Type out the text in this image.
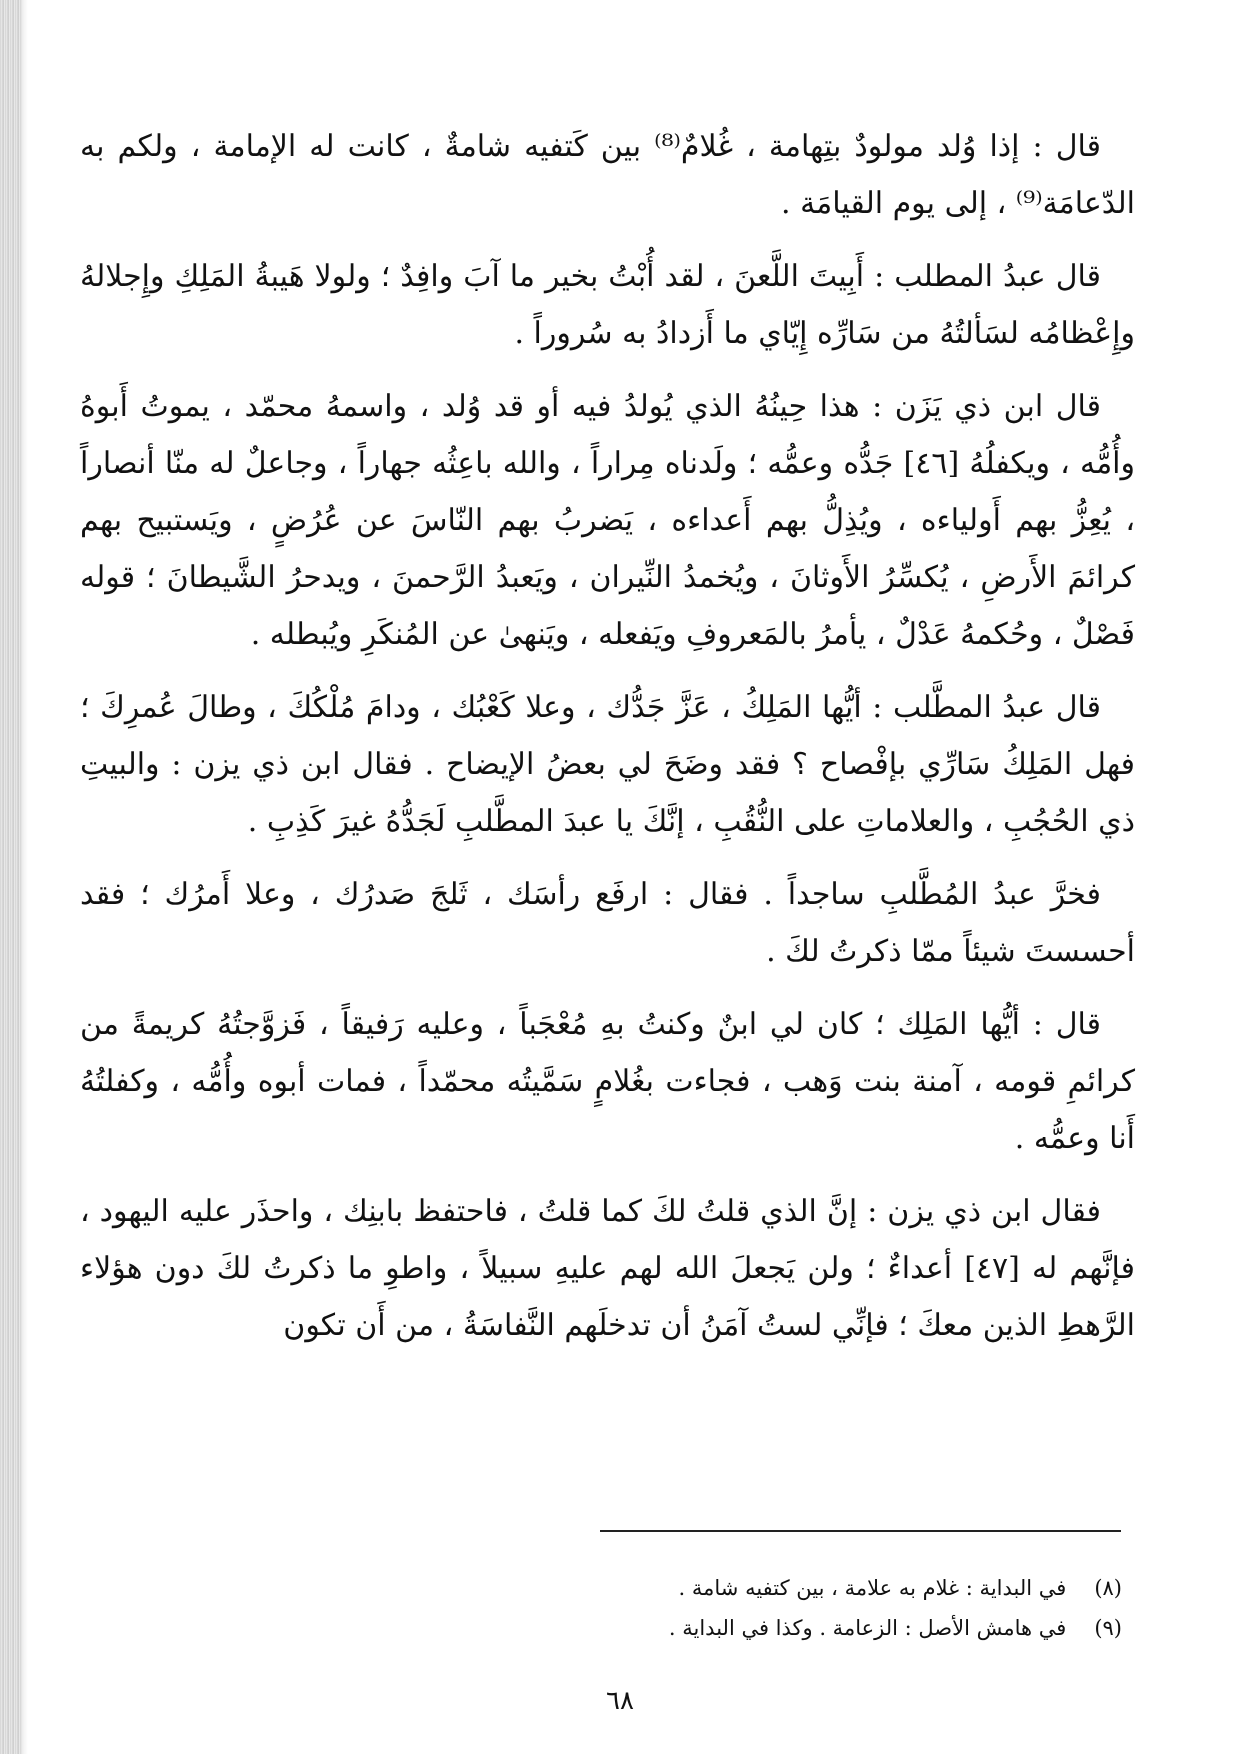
قال : إذا وُلد مولودٌ بتِهامة ، غُلامٌ⁽⁸⁾ بين كَتفيه شامةٌ ، كانت له الإمامة ، ولكم به الدّعامَة⁽⁹⁾ ، إلى يوم القيامَة .

قال عبدُ المطلب : أَبِيتَ اللَّعنَ ، لقد أُبْتُ بخير ما آبَ وافِدٌ ؛ ولولا هَيبةُ المَلِكِ وإِجلالهُ وإِعْظامُه لسَألتُهُ من سَارِّه إِيّاي ما أَزدادُ به سُروراً .

قال ابن ذي يَزَن : هذا حِينُهُ الذي يُولدُ فيه أو قد وُلد ، واسمهُ محمّد ، يموتُ أَبوهُ وأُمُّه ، ويكفلُهُ [٤٦] جَدُّه وعمُّه ؛ ولَدناه مِراراً ، والله باعِثُه جهاراً ، وجاعلٌ له منّا أنصاراً ، يُعِزُّ بهم أَولياءه ، ويُذِلُّ بهم أَعداءه ، يَضربُ بهم النّاسَ عن عُرُضٍ ، ويَستبيح بهم كرائمَ الأَرضِ ، يُكسِّرُ الأَوثانَ ، ويُخمدُ النِّيران ، ويَعبدُ الرَّحمنَ ، ويدحرُ الشَّيطانَ ؛ قوله فَصْلٌ ، وحُكمهُ عَدْلٌ ، يأمرُ بالمَعروفِ ويَفعله ، ويَنهىٰ عن المُنكَرِ ويُبطله .

قال عبدُ المطَّلب : أيُّها المَلِكُ ، عَزَّ جَدُّك ، وعلا كَعْبُك ، ودامَ مُلْكُكَ ، وطالَ عُمرِكَ ؛ فهل المَلِكُ سَارِّي بإفْصاح ؟ فقد وضَحَ لي بعضُ الإيضاح . فقال ابن ذي يزن : والبيتِ ذي الحُجُبِ ، والعلاماتِ على النُّقُبِ ، إنَّكَ يا عبدَ المطَّلبِ لَجَدُّهُ غيرَ كَذِبِ .

فخرَّ عبدُ المُطَّلبِ ساجداً . فقال : ارفَع رأسَك ، ثَلجَ صَدرُك ، وعلا أَمرُك ؛ فقد أحسستَ شيئاً ممّا ذكرتُ لكَ .

قال : أيُّها المَلِك ؛ كان لي ابنٌ وكنتُ بهِ مُعْجَباً ، وعليه رَفيقاً ، فَزوَّجتُهُ كريمةً من كرائمِ قومه ، آمنة بنت وَهب ، فجاءت بغُلامٍ سَمَّيتُه محمّداً ، فمات أبوه وأُمُّه ، وكفلتُهُ أَنا وعمُّه .

فقال ابن ذي يزن : إنَّ الذي قلتُ لكَ كما قلتُ ، فاحتفظ بابنِك ، واحذَر عليه اليهود ، فإنَّهم له [٤٧] أعداءٌ ؛ ولن يَجعلَ الله لهم عليهِ سبيلاً ، واطوِ ما ذكرتُ لكَ دون هؤلاء الرَّهطِ الذين معكَ ؛ فإنِّي لستُ آمَنُ أن تدخلَهم النَّفاسَةُ ، من أَن تكون

(٨)في البداية : غلام به علامة ، بين كتفيه شامة .
(٩)في هامش الأصل : الزعامة . وكذا في البداية .
٦٨
